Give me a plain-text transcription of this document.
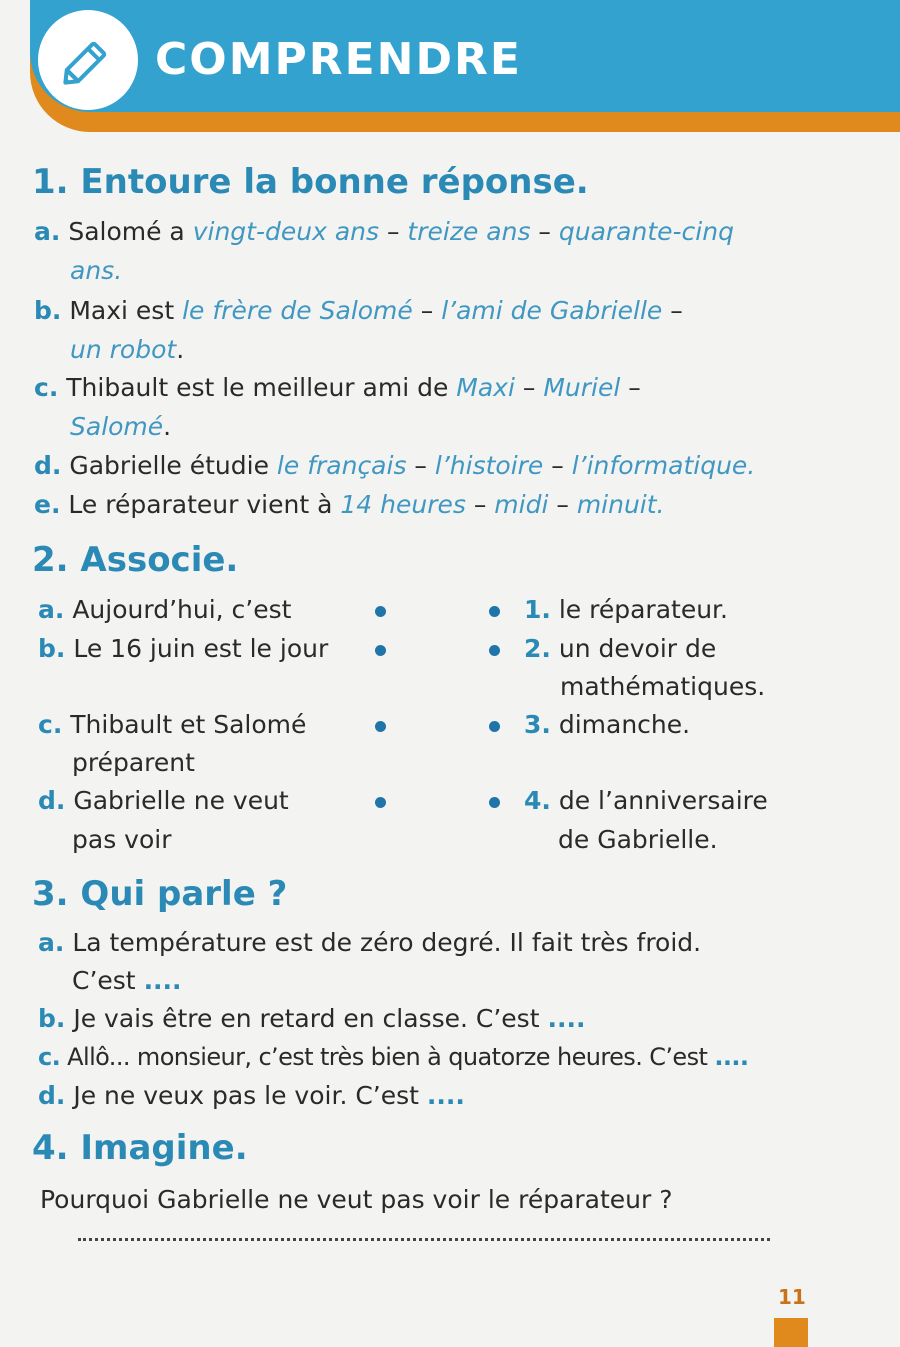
COMPRENDRE
1. Entoure la bonne réponse.
a. Salomé a vingt-deux ans – treize ans – quarante-cinq
ans.
b. Maxi est le frère de Salomé – l’ami de Gabrielle –
un robot.
c. Thibault est le meilleur ami de Maxi – Muriel –
Salomé.
d. Gabrielle étudie le français – l’histoire – l’informatique.
e. Le réparateur vient à 14 heures – midi – minuit.
2. Associe.
a. Aujourd’hui, c’est
b. Le 16 juin est le jour
c. Thibault et Salomé
préparent
d. Gabrielle ne veut
pas voir
1. le réparateur.
2. un devoir de
mathématiques.
3. dimanche.
4. de l’anniversaire
de Gabrielle.
3. Qui parle ?
a. La température est de zéro degré. Il fait très froid.
C’est ....
b. Je vais être en retard en classe. C’est ....
c. Allô... monsieur, c’est très bien à quatorze heures. C’est ....
d. Je ne veux pas le voir. C’est ....
4. Imagine.
Pourquoi Gabrielle ne veut pas voir le réparateur ?
11
